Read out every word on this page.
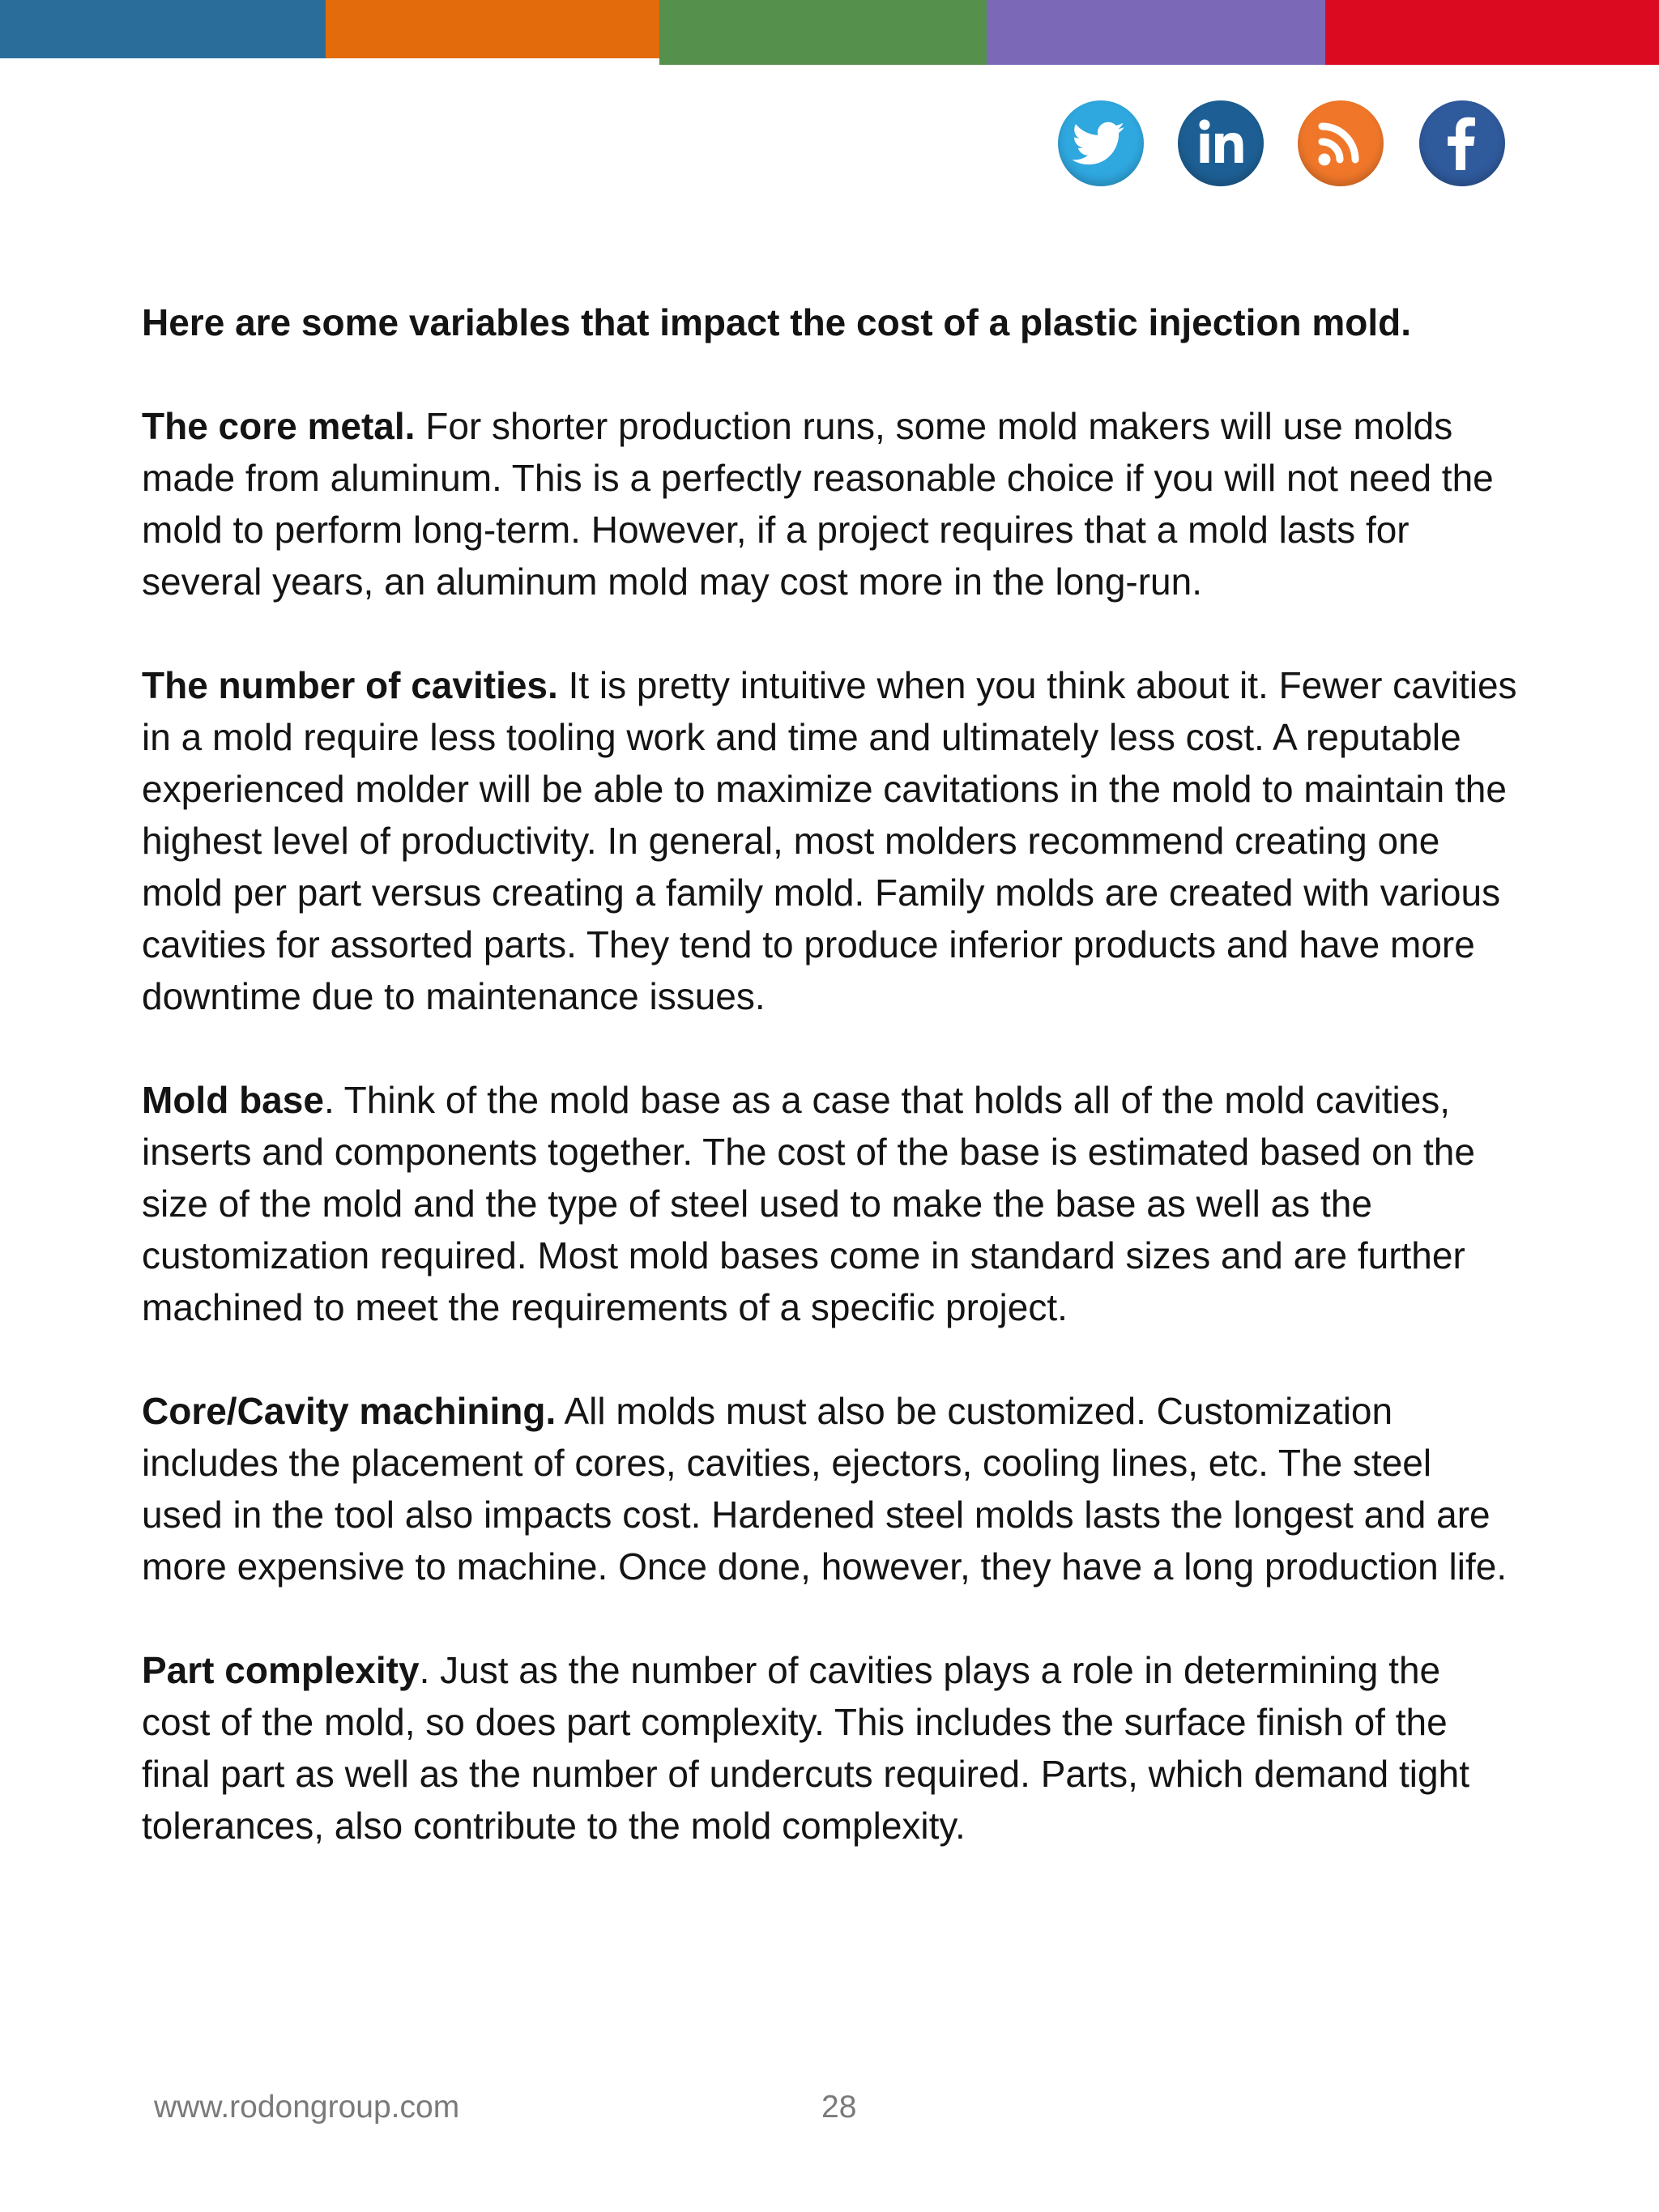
Here are some variables that impact the cost of a plastic injection mold.

The core metal. For shorter production runs, some mold makers will use molds made from aluminum. This is a perfectly reasonable choice if you will not need the mold to perform long-term. However, if a project requires that a mold lasts for several years, an aluminum mold may cost more in the long-run.

The number of cavities. It is pretty intuitive when you think about it. Fewer cavities in a mold require less tooling work and time and ultimately less cost. A reputable experienced molder will be able to maximize cavitations in the mold to maintain the highest level of productivity. In general, most molders recommend creating one mold per part versus creating a family mold. Family molds are created with various cavities for assorted parts. They tend to produce inferior products and have more downtime due to maintenance issues.

Mold base. Think of the mold base as a case that holds all of the mold cavities, inserts and components together. The cost of the base is estimated based on the size of the mold and the type of steel used to make the base as well as the customization required. Most mold bases come in standard sizes and are further machined to meet the requirements of a specific project.

Core/Cavity machining. All molds must also be customized. Customization includes the placement of cores, cavities, ejectors, cooling lines, etc. The steel used in the tool also impacts cost. Hardened steel molds lasts the longest and are more expensive to machine. Once done, however, they have a long production life.

Part complexity. Just as the number of cavities plays a role in determining the cost of the mold, so does part complexity. This includes the surface finish of the final part as well as the number of undercuts required. Parts, which demand tight tolerances, also contribute to the mold complexity.

www.rodongroup.com	28
